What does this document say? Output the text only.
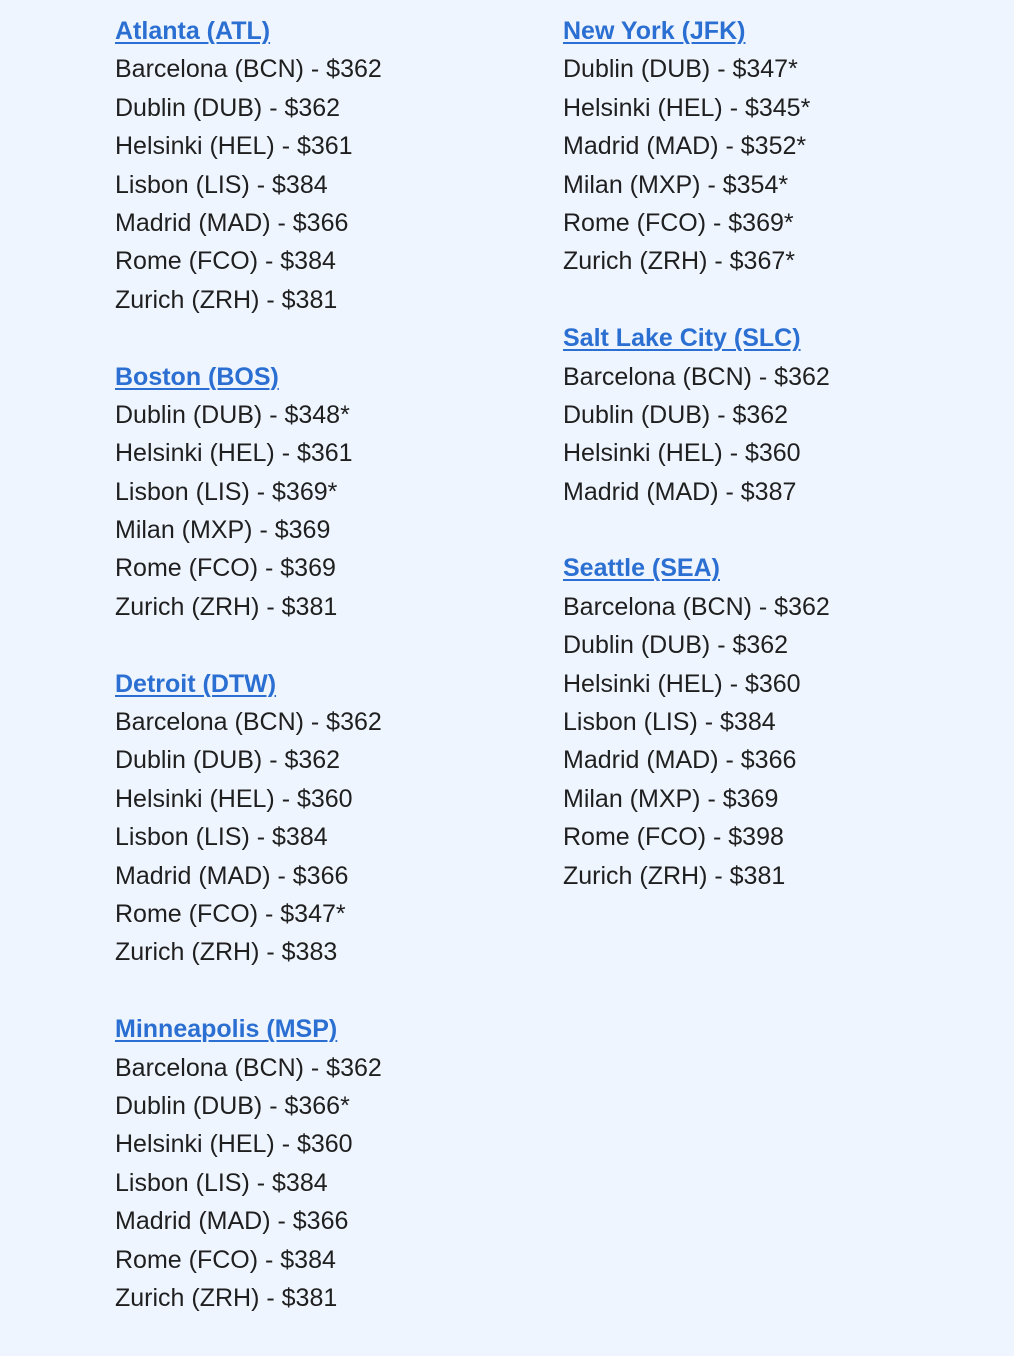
Atlanta (ATL)
Barcelona (BCN) - $362
Dublin (DUB) - $362
Helsinki (HEL) - $361
Lisbon (LIS) - $384
Madrid (MAD) - $366
Rome (FCO) - $384
Zurich (ZRH) - $381
Boston (BOS)
Dublin (DUB) - $348*
Helsinki (HEL) - $361
Lisbon (LIS) - $369*
Milan (MXP) - $369
Rome (FCO) - $369
Zurich (ZRH) - $381
Detroit (DTW)
Barcelona (BCN) - $362
Dublin (DUB) - $362
Helsinki (HEL) - $360
Lisbon (LIS) - $384
Madrid (MAD) - $366
Rome (FCO) - $347*
Zurich (ZRH) - $383
Minneapolis (MSP)
Barcelona (BCN) - $362
Dublin (DUB) - $366*
Helsinki (HEL) - $360
Lisbon (LIS) - $384
Madrid (MAD) - $366
Rome (FCO) - $384
Zurich (ZRH) - $381
New York (JFK)
Dublin (DUB) - $347*
Helsinki (HEL) - $345*
Madrid (MAD) - $352*
Milan (MXP) - $354*
Rome (FCO) - $369*
Zurich (ZRH) - $367*
Salt Lake City (SLC)
Barcelona (BCN) - $362
Dublin (DUB) - $362
Helsinki (HEL) - $360
Madrid (MAD) - $387
Seattle (SEA)
Barcelona (BCN) - $362
Dublin (DUB) - $362
Helsinki (HEL) - $360
Lisbon (LIS) - $384
Madrid (MAD) - $366
Milan (MXP) - $369
Rome (FCO) - $398
Zurich (ZRH) - $381
